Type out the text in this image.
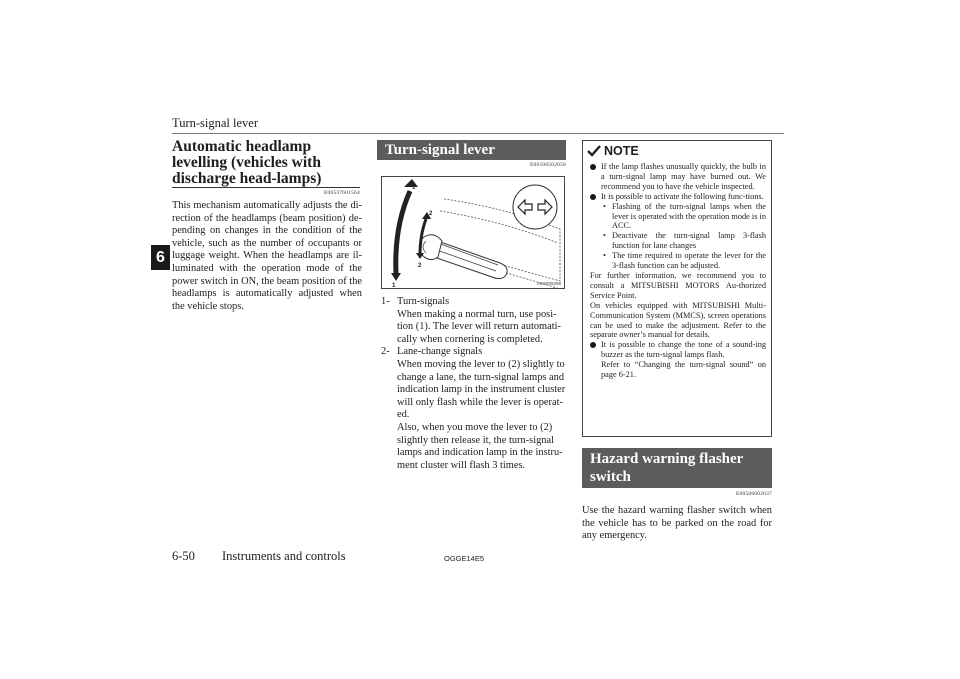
Turn-signal lever
6
Automatic headlamp levelling (vehicles with discharge head-lamps)
E00537601564
This mechanism automatically adjusts the di-rection of the headlamps (beam position) de-pending on changes in the condition of the vehicle, such as the number of occupants or luggage weight. When the headlamps are il-luminated with the operation mode of the power switch in ON, the beam position of the headlamps is automatically adjusted when the vehicle stops.
Turn-signal lever
E00506502658
1
1
2
2
AG0009298
1- Turn-signals
When making a normal turn, use posi-tion (1). The lever will return automati-cally when cornering is completed.
2- Lane-change signals
When moving the lever to (2) slightly to change a lane, the turn-signal lamps and indication lamp in the instrument cluster will only flash while the lever is operat-ed.
Also, when you move the lever to (2) slightly then release it, the turn-signal lamps and indication lamp in the instru-ment cluster will flash 3 times.
NOTE
If the lamp flashes unusually quickly, the bulb in a turn-signal lamp may have burned out. We recommend you to have the vehicle inspected.
It is possible to activate the following func-tions.
• Flashing of the turn-signal lamps when the lever is operated with the operation mode is in ACC.
• Deactivate the turn-signal lamp 3-flash function for lane changes
• The time required to operate the lever for the 3-flash function can be adjusted.
For further information, we recommend you to consult a MITSUBISHI MOTORS Au-thorized Service Point.
On vehicles equipped with MITSUBISHI Multi-Communication System (MMCS), screen operations can be used to make the adjustment. Refer to the separate owner’s manual for details.
It is possible to change the tone of a sound-ing buzzer as the turn-signal lamps flash.
Refer to “Changing the turn-signal sound” on page 6-21.
Hazard warning flasher switch
E00506602037
Use the hazard warning flasher switch when the vehicle has to be parked on the road for any emergency.
6-50 Instruments and controls	OGGE14E5
